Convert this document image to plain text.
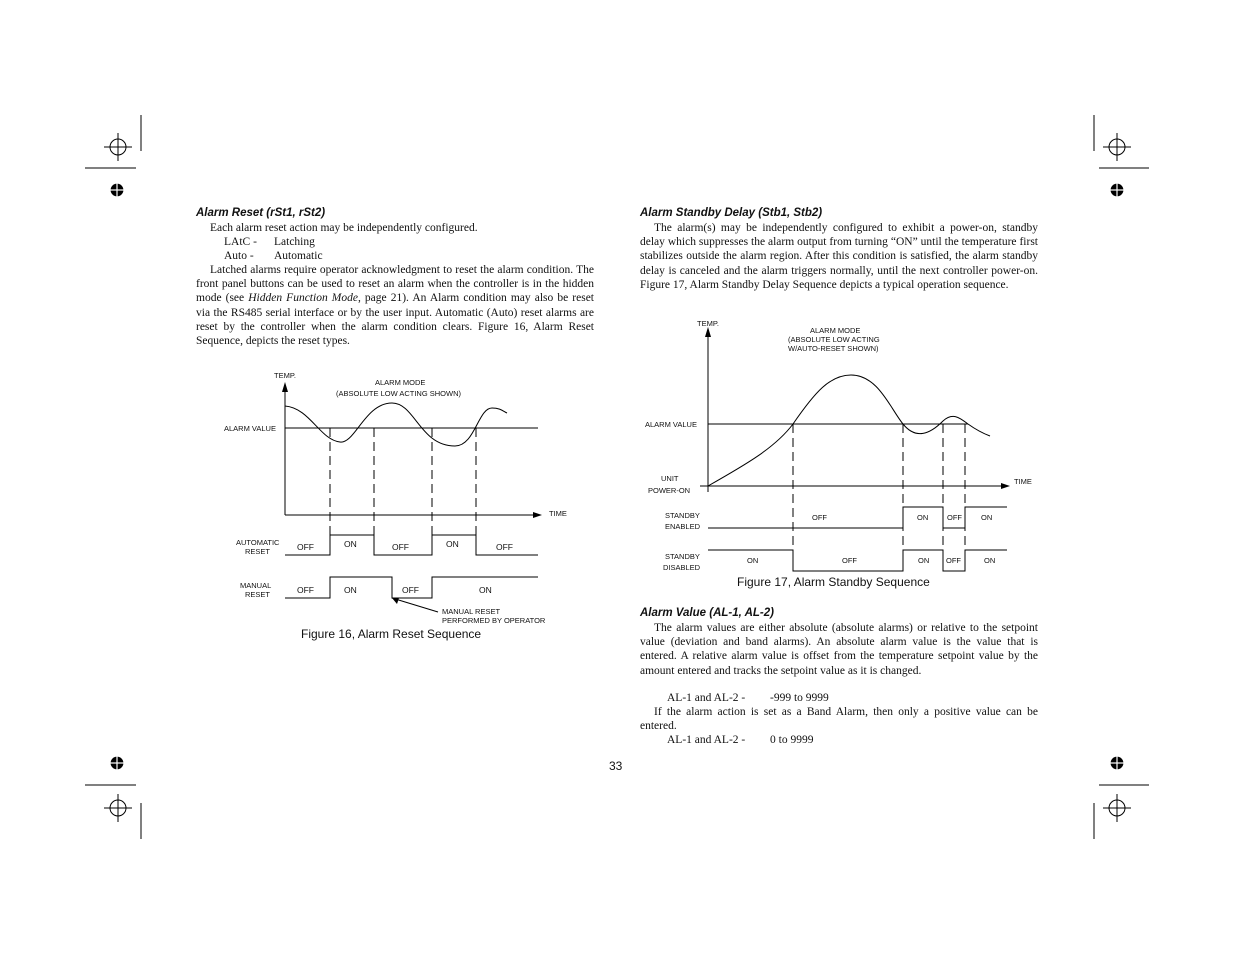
Alarm Reset (rSt1, rSt2)
Each alarm reset action may be independently configured.
LAtC - Latching
Auto - Automatic
Latched alarms require operator acknowledgment to reset the alarm condition. The front panel buttons can be used to reset an alarm when the controller is in the hidden mode (see Hidden Function Mode, page 21). An Alarm condition may also be reset via the RS485 serial interface or by the user input. Automatic (Auto) reset alarms are reset by the controller when the alarm condition clears. Figure 16, Alarm Reset Sequence, depicts the reset types.
TEMP.
ALARM MODE
(ABSOLUTE LOW ACTING SHOWN)
ALARM VALUE
TIME
AUTOMATIC
RESET
MANUAL
RESET
OFF	ON	OFF	ON	OFF
OFF	ON	OFF	ON
MANUAL RESET
PERFORMED BY OPERATOR
Figure 16, Alarm Reset Sequence
Alarm Standby Delay (Stb1, Stb2)
The alarm(s) may be independently configured to exhibit a power-on, standby delay which suppresses the alarm output from turning “ON” until the temperature first stabilizes outside the alarm region. After this condition is satisfied, the alarm standby delay is canceled and the alarm triggers normally, until the next controller power-on. Figure 17, Alarm Standby Delay Sequence depicts a typical operation sequence.
TEMP.
ALARM MODE
(ABSOLUTE LOW ACTING
W/AUTO-RESET SHOWN)
ALARM VALUE
UNIT
POWER-ON
TIME
STANDBY
ENABLED
STANDBY
DISABLED
OFF	ON	OFF	ON
ON	OFF	ON OFF	ON
Figure 17, Alarm Standby Sequence
Alarm Value (AL-1, AL-2)
The alarm values are either absolute (absolute alarms) or relative to the setpoint value (deviation and band alarms). An absolute alarm value is the value that is entered. A relative alarm value is offset from the temperature setpoint value by the amount entered and tracks the setpoint value as it is changed.
AL-1 and AL-2 - -999 to 9999
If the alarm action is set as a Band Alarm, then only a positive value can be entered.
AL-1 and AL-2 - 0 to 9999
33
